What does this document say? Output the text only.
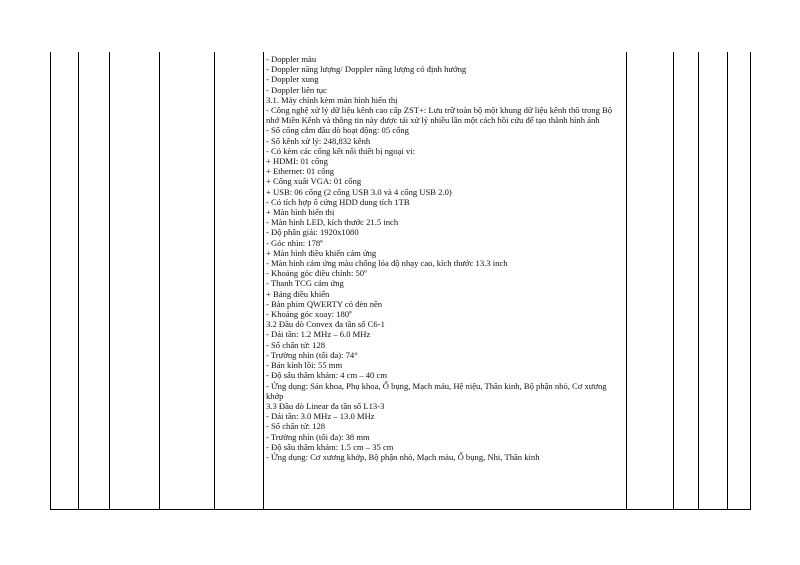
- Doppler màu
- Doppler năng lượng/ Doppler năng lượng có định hướng
- Doppler xung
- Doppler liên tục
3.1. Máy chính kèm màn hình hiển thị
- Công nghệ xử lý dữ liệu kênh cao cấp ZST+: Lưu trữ toàn bộ một khung dữ liệu kênh thô trong Bộ nhớ Miền Kênh và thông tin này được tái xử lý nhiều lần một cách hồi cứu để tạo thành hình ảnh
- Số cổng cắm đầu dò hoạt động: 05 cổng
- Số kênh xử lý: 248,832 kênh
- Có kèm các cổng kết nối thiết bị ngoại vi:
+ HDMI: 01 cổng
+ Ethernet: 01 cổng
+ Cổng xuất VGA: 01 cổng
+ USB: 06 cổng (2 cổng USB 3.0 và 4 cổng USB 2.0)
- Có tích hợp ổ cứng HDD dung tích 1TB
+ Màn hình hiển thị
- Màn hình LED, kích thước 21.5 inch
- Độ phân giải: 1920x1080
- Góc nhìn: 178º
+ Màn hình điều khiển cảm ứng
- Màn hình cảm ứng màu chống lóa độ nhạy cao, kích thước 13.3 inch
- Khoảng góc điều chỉnh: 50º
- Thanh TCG cảm ứng
+ Bảng điều khiển
- Bàn phím QWERTY có đèn nền
- Khoảng góc xoay: 180º
3.2 Đầu dò Convex đa tần số C6-1
- Dải tần: 1.2 MHz – 6.0 MHz
- Số chấn tử: 128
- Trường nhìn (tối đa): 74°
- Bán kính lồi: 55 mm
- Độ sâu thăm khám: 4 cm – 40 cm
- Ứng dụng: Sản khoa, Phụ khoa, Ổ bụng, Mạch máu, Hệ niệu, Thần kinh, Bộ phận nhỏ, Cơ xương khớp
3.3 Đầu dò Linear đa tần số L13-3
- Dải tần: 3.0 MHz – 13.0 MHz
- Số chấn tử: 128
- Trường nhìn (tối đa): 38 mm
- Độ sâu thăm khám: 1.5 cm – 35 cm
- Ứng dụng: Cơ xương khớp, Bộ phận nhỏ, Mạch máu, Ổ bụng, Nhi, Thần kinh
